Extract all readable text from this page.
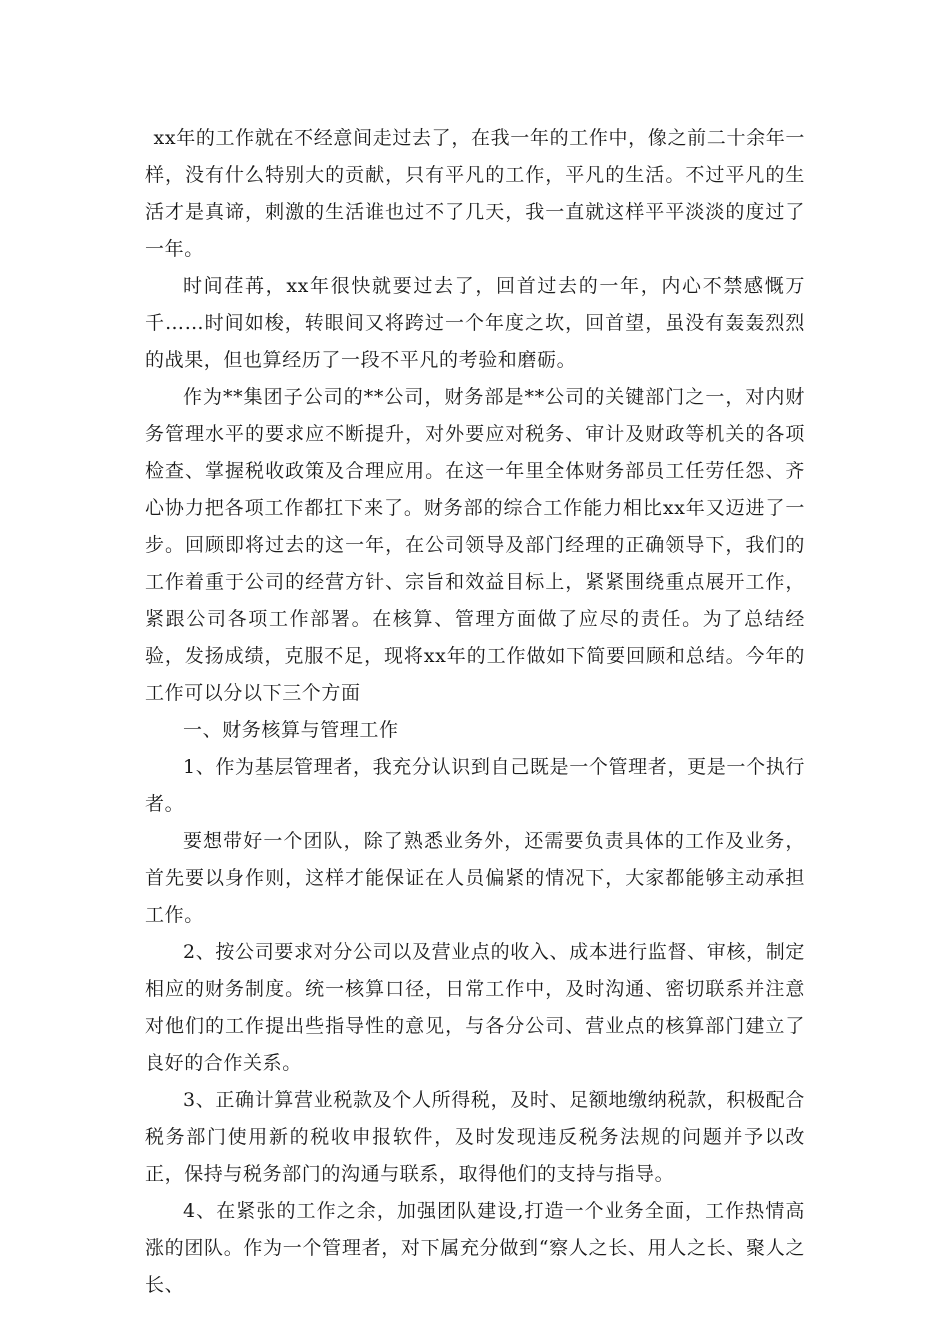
xx年的工作就在不经意间走过去了，在我一年的工作中，像之前二十余年一样，没有什么特别大的贡献，只有平凡的工作，平凡的生活。不过平凡的生活才是真谛，刺激的生活谁也过不了几天，我一直就这样平平淡淡的度过了一年。

时间荏苒，xx年很快就要过去了，回首过去的一年，内心不禁感慨万千……时间如梭，转眼间又将跨过一个年度之坎，回首望，虽没有轰轰烈烈的战果，但也算经历了一段不平凡的考验和磨砺。

作为**集团子公司的**公司，财务部是**公司的关键部门之一，对内财务管理水平的要求应不断提升，对外要应对税务、审计及财政等机关的各项检查、掌握税收政策及合理应用。在这一年里全体财务部员工任劳任怨、齐心协力把各项工作都扛下来了。财务部的综合工作能力相比xx年又迈进了一步。回顾即将过去的这一年，在公司领导及部门经理的正确领导下，我们的工作着重于公司的经营方针、宗旨和效益目标上，紧紧围绕重点展开工作，紧跟公司各项工作部署。在核算、管理方面做了应尽的责任。为了总结经验，发扬成绩，克服不足，现将xx年的工作做如下简要回顾和总结。今年的工作可以分以下三个方面

一、财务核算与管理工作

1、作为基层管理者，我充分认识到自己既是一个管理者，更是一个执行者。

要想带好一个团队，除了熟悉业务外，还需要负责具体的工作及业务，首先要以身作则，这样才能保证在人员偏紧的情况下，大家都能够主动承担工作。

2、按公司要求对分公司以及营业点的收入、成本进行监督、审核，制定相应的财务制度。统一核算口径，日常工作中，及时沟通、密切联系并注意对他们的工作提出些指导性的意见，与各分公司、营业点的核算部门建立了良好的合作关系。

3、正确计算营业税款及个人所得税，及时、足额地缴纳税款，积极配合税务部门使用新的税收申报软件，及时发现违反税务法规的问题并予以改正，保持与税务部门的沟通与联系，取得他们的支持与指导。

4、在紧张的工作之余，加强团队建设,打造一个业务全面，工作热情高涨的团队。作为一个管理者，对下属充分做到“察人之长、用人之长、聚人之长、
